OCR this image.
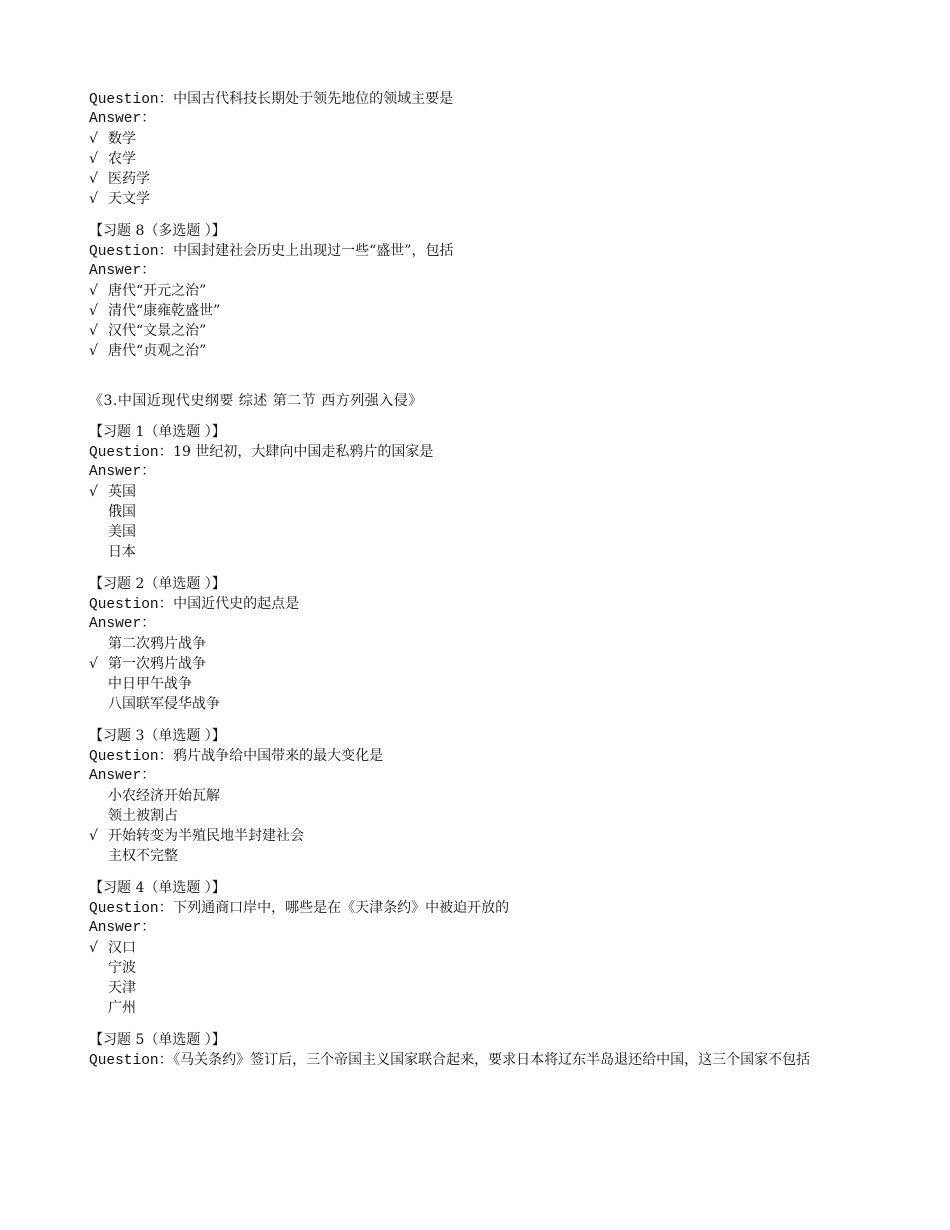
Question：中国古代科技长期处于领先地位的领域主要是
Answer：
√ 数学
√ 农学
√ 医药学
√ 天文学
【习题 8（多选题 ）】
Question：中国封建社会历史上出现过一些“盛世”，包括
Answer：
√ 唐代“开元之治”
√ 清代“康雍乾盛世”
√ 汉代“文景之治”
√ 唐代“贞观之治”
《3.中国近现代史纲要 综述 第二节 西方列强入侵》
【习题 1（单选题 ）】
Question：19 世纪初，大肆向中国走私鸦片的国家是
Answer：
√ 英国
俄国
美国
日本
【习题 2（单选题 ）】
Question：中国近代史的起点是
Answer：
第二次鸦片战争
√ 第一次鸦片战争
中日甲午战争
八国联军侵华战争
【习题 3（单选题 ）】
Question：鸦片战争给中国带来的最大变化是
Answer：
小农经济开始瓦解
领土被割占
√ 开始转变为半殖民地半封建社会
主权不完整
【习题 4（单选题 ）】
Question：下列通商口岸中，哪些是在《天津条约》中被迫开放的
Answer：
√ 汉口
宁波
天津
广州
【习题 5（单选题 ）】
Question：《马关条约》签订后，三个帝国主义国家联合起来，要求日本将辽东半岛退还给中国，这三个国家不包括
